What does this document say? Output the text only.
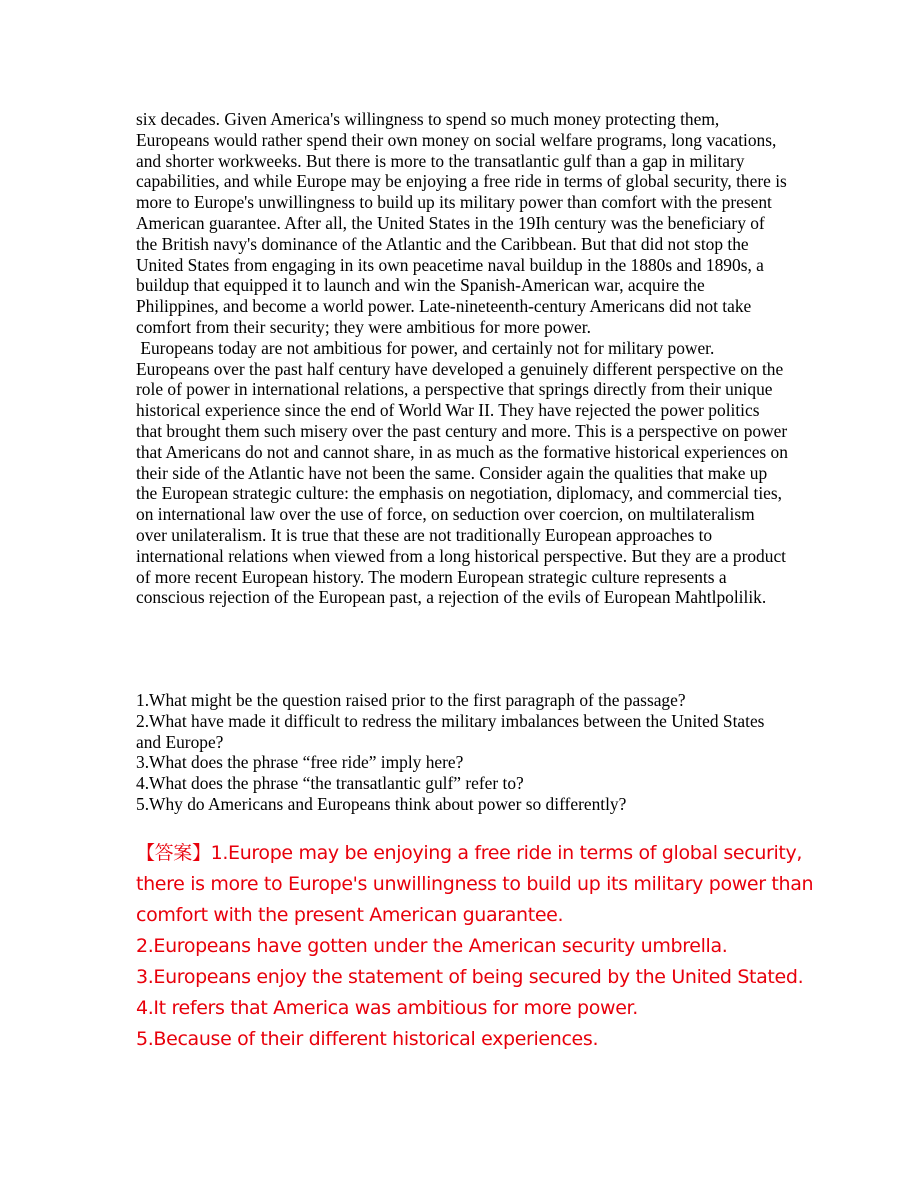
six decades. Given America's willingness to spend so much money protecting them, Europeans would rather spend their own money on social welfare programs, long vacations, and shorter workweeks. But there is more to the transatlantic gulf than a gap in military capabilities, and while Europe may be enjoying a free ride in terms of global security, there is more to Europe's unwillingness to build up its military power than comfort with the present American guarantee. After all, the United States in the 19Ih century was the beneficiary of the British navy's dominance of the Atlantic and the Caribbean. But that did not stop the United States from engaging in its own peacetime naval buildup in the 1880s and 1890s, a buildup that equipped it to launch and win the Spanish-American war, acquire the Philippines, and become a world power. Late-nineteenth-century Americans did not take comfort from their security; they were ambitious for more power.

Europeans today are not ambitious for power, and certainly not for military power. Europeans over the past half century have developed a genuinely different perspective on the role of power in international relations, a perspective that springs directly from their unique historical experience since the end of World War II. They have rejected the power politics that brought them such misery over the past century and more. This is a perspective on power that Americans do not and cannot share, in as much as the formative historical experiences on their side of the Atlantic have not been the same. Consider again the qualities that make up the European strategic culture: the emphasis on negotiation, diplomacy, and commercial ties, on international law over the use of force, on seduction over coercion, on multilateralism over unilateralism. It is true that these are not traditionally European approaches to international relations when viewed from a long historical perspective. But they are a product of more recent European history. The modern European strategic culture represents a conscious rejection of the European past, a rejection of the evils of European Mahtlpolilik.

1.What might be the question raised prior to the first paragraph of the passage?

2.What have made it difficult to redress the military imbalances between the United States and Europe?

3.What does the phrase “free ride” imply here?

4.What does the phrase “the transatlantic gulf” refer to?

5.Why do Americans and Europeans think about power so differently?

【答案】1.Europe may be enjoying a free ride in terms of global security, there is more to Europe's unwillingness to build up its military power than comfort with the present American guarantee.

2.Europeans have gotten under the American security umbrella.

3.Europeans enjoy the statement of being secured by the United Stated.

4.It refers that America was ambitious for more power.

5.Because of their different historical experiences.
